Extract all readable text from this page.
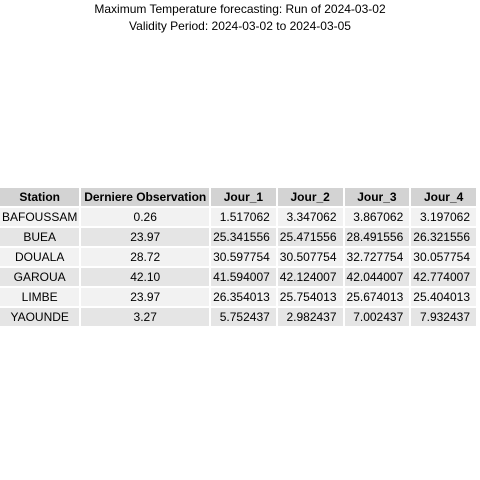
Maximum Temperature forecasting: Run of 2024-03-02
Validity Period: 2024-03-02 to 2024-03-05
Station	Derniere Observation	Jour_1	Jour_2	Jour_3	Jour_4
BAFOUSSAM	0.26	1.517062	3.347062	3.867062	3.197062
BUEA	23.97	25.341556	25.471556	28.491556	26.321556
DOUALA	28.72	30.597754	30.507754	32.727754	30.057754
GAROUA	42.10	41.594007	42.124007	42.044007	42.774007
LIMBE	23.97	26.354013	25.754013	25.674013	25.404013
YAOUNDE	3.27	5.752437	2.982437	7.002437	7.932437
